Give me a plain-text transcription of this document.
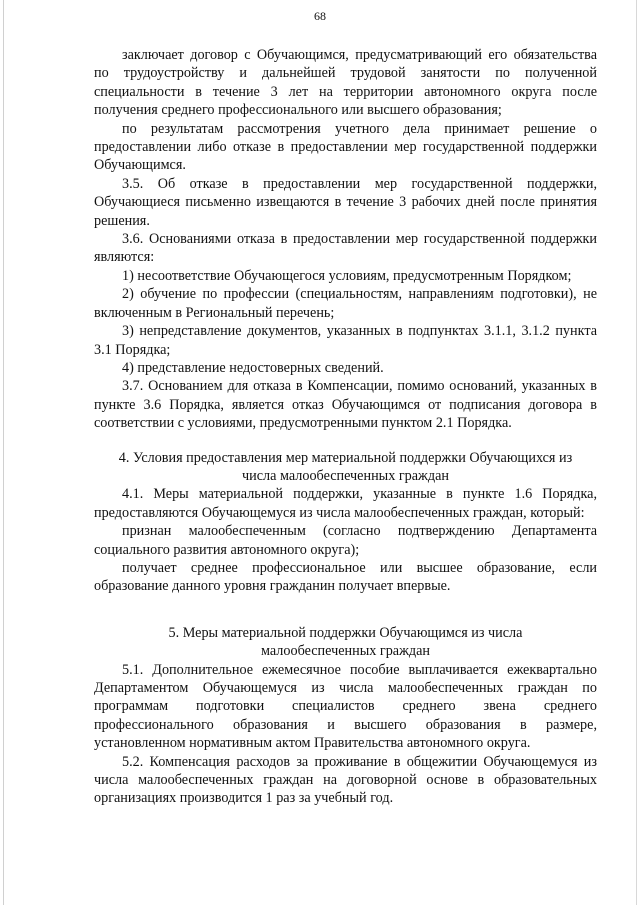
68

заключает договор с Обучающимся, предусматривающий его обязательства по трудоустройству и дальнейшей трудовой занятости по полученной специальности в течение 3 лет на территории автономного округа после получения среднего профессионального или высшего образования;

по результатам рассмотрения учетного дела принимает решение о предоставлении либо отказе в предоставлении мер государственной поддержки Обучающимся.

3.5. Об отказе в предоставлении мер государственной поддержки, Обучающиеся письменно извещаются в течение 3 рабочих дней после принятия решения.

3.6. Основаниями отказа в предоставлении мер государственной поддержки являются:

1) несоответствие Обучающегося условиям, предусмотренным Порядком;

2) обучение по профессии (специальностям, направлениям подготовки), не включенным в Региональный перечень;

3) непредставление документов, указанных в подпунктах 3.1.1, 3.1.2 пункта 3.1 Порядка;

4) представление недостоверных сведений.

3.7. Основанием для отказа в Компенсации, помимо оснований, указанных в пункте 3.6 Порядка, является отказ Обучающимся от подписания договора в соответствии с условиями, предусмотренными пунктом 2.1 Порядка.

4. Условия предоставления мер материальной поддержки Обучающихся из

числа малообеспеченных граждан

4.1. Меры материальной поддержки, указанные в пункте 1.6 Порядка, предоставляются Обучающемуся из числа малообеспеченных граждан, который:

признан малообеспеченным (согласно подтверждению Департамента социального развития автономного округа);

получает среднее профессиональное или высшее образование, если образование данного уровня гражданин получает впервые.

5. Меры материальной поддержки Обучающимся из числа

малообеспеченных граждан

5.1. Дополнительное ежемесячное пособие выплачивается ежеквартально Департаментом Обучающемуся из числа малообеспеченных граждан по программам подготовки специалистов среднего звена среднего профессионального образования и высшего образования в размере, установленном нормативным актом Правительства автономного округа.

5.2. Компенсация расходов за проживание в общежитии Обучающемуся из числа малообеспеченных граждан на договорной основе в образовательных организациях производится 1 раз за учебный год.
